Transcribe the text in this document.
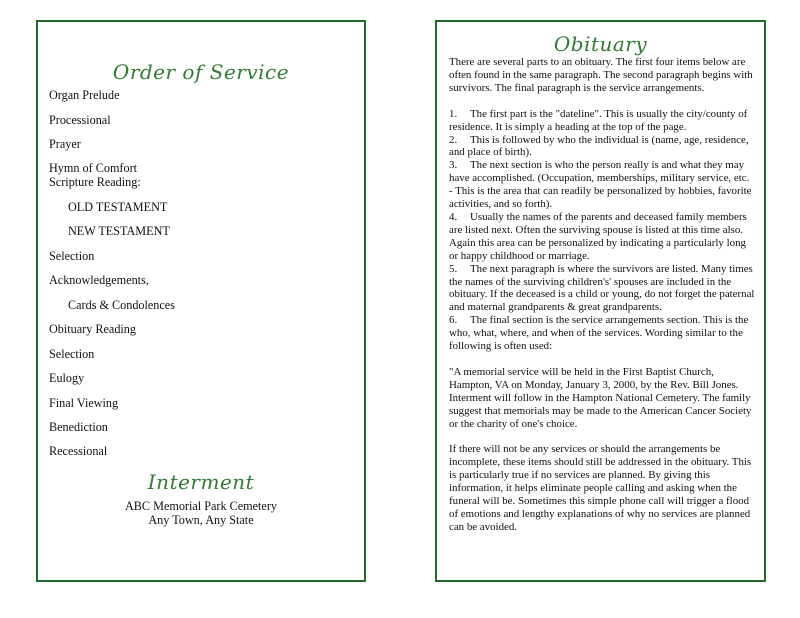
Order of Service
Organ Prelude
Processional
Prayer
Hymn of Comfort
Scripture Reading:
OLD TESTAMENT
NEW TESTAMENT
Selection
Acknowledgements,
Cards & Condolences
Obituary Reading
Selection
Eulogy
Final Viewing
Benediction
Recessional
Interment
ABC Memorial Park Cemetery
Any Town, Any State
Obituary

There are several parts to an obituary. The first four items below are often found in the same paragraph. The second paragraph begins with survivors. The final paragraph is the service arrangements.

1. The first part is the "dateline". This is usually the city/county of residence. It is simply a heading at the top of the page.

2. This is followed by who the individual is (name, age, residence, and place of birth).

3. The next section is who the person really is and what they may have accomplished. (Occupation, memberships, military service, etc. - This is the area that can readily be personalized by hobbies, favorite activities, and so forth).

4. Usually the names of the parents and deceased family members are listed next. Often the surviving spouse is listed at this time also. Again this area can be personalized by indicating a particularly long or happy childhood or marriage.

5. The next paragraph is where the survivors are listed. Many times the names of the surviving children's' spouses are included in the obituary. If the deceased is a child or young, do not forget the paternal and maternal grandparents & great grandparents.

6. The final section is the service arrangements section. This is the who, what, where, and when of the services. Wording similar to the following is often used:

"A memorial service will be held in the First Baptist Church, Hampton, VA on Monday, January 3, 2000, by the Rev. Bill Jones. Interment will follow in the Hampton National Cemetery. The family suggest that memorials may be made to the American Cancer Society or the charity of one's choice.

If there will not be any services or should the arrangements be incomplete, these items should still be addressed in the obituary. This is particularly true if no services are planned. By giving this information, it helps eliminate people calling and asking when the funeral will be. Sometimes this simple phone call will trigger a flood of emotions and lengthy explanations of why no services are planned can be avoided.
